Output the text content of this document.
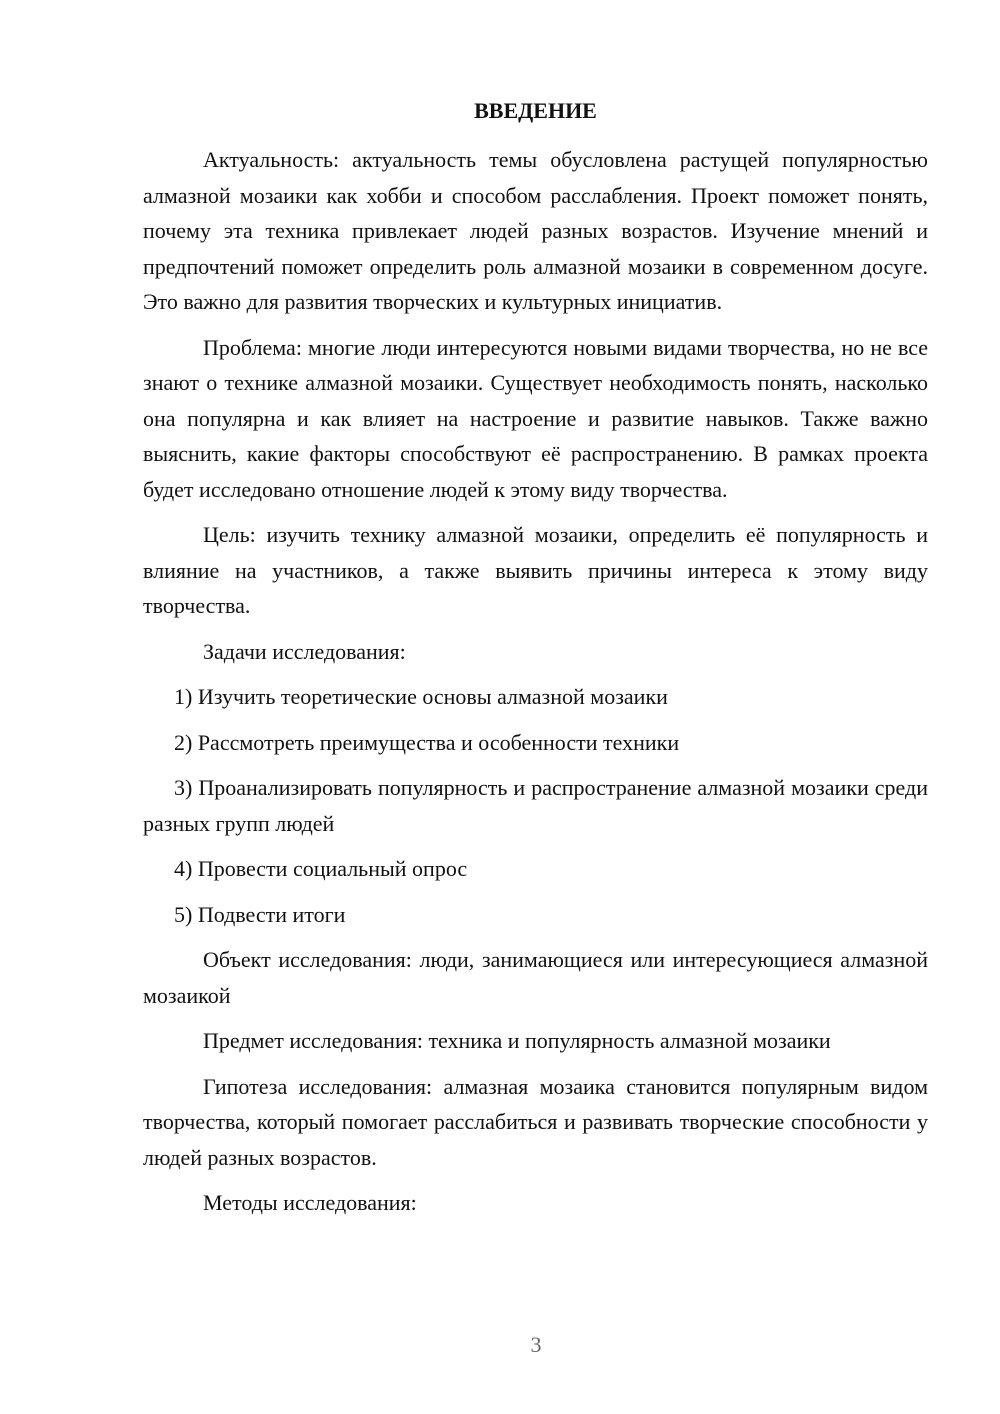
ВВЕДЕНИЕ

Актуальность: актуальность темы обусловлена растущей популярностью алмазной мозаики как хобби и способом расслабления. Проект поможет понять, почему эта техника привлекает людей разных возрастов. Изучение мнений и предпочтений поможет определить роль алмазной мозаики в современном досуге. Это важно для развития творческих и культурных инициатив.

Проблема: многие люди интересуются новыми видами творчества, но не все знают о технике алмазной мозаики. Существует необходимость понять, насколько она популярна и как влияет на настроение и развитие навыков. Также важно выяснить, какие факторы способствуют её распространению. В рамках проекта будет исследовано отношение людей к этому виду творчества.

Цель: изучить технику алмазной мозаики, определить её популярность и влияние на участников, а также выявить причины интереса к этому виду творчества.

Задачи исследования:

1) Изучить теоретические основы алмазной мозаики

2) Рассмотреть преимущества и особенности техники

3) Проанализировать популярность и распространение алмазной мозаики среди разных групп людей

4) Провести социальный опрос

5) Подвести итоги

Объект исследования: люди, занимающиеся или интересующиеся алмазной мозаикой

Предмет исследования: техника и популярность алмазной мозаики

Гипотеза исследования: алмазная мозаика становится популярным видом творчества, который помогает расслабиться и развивать творческие способности у людей разных возрастов.

Методы исследования:

3
